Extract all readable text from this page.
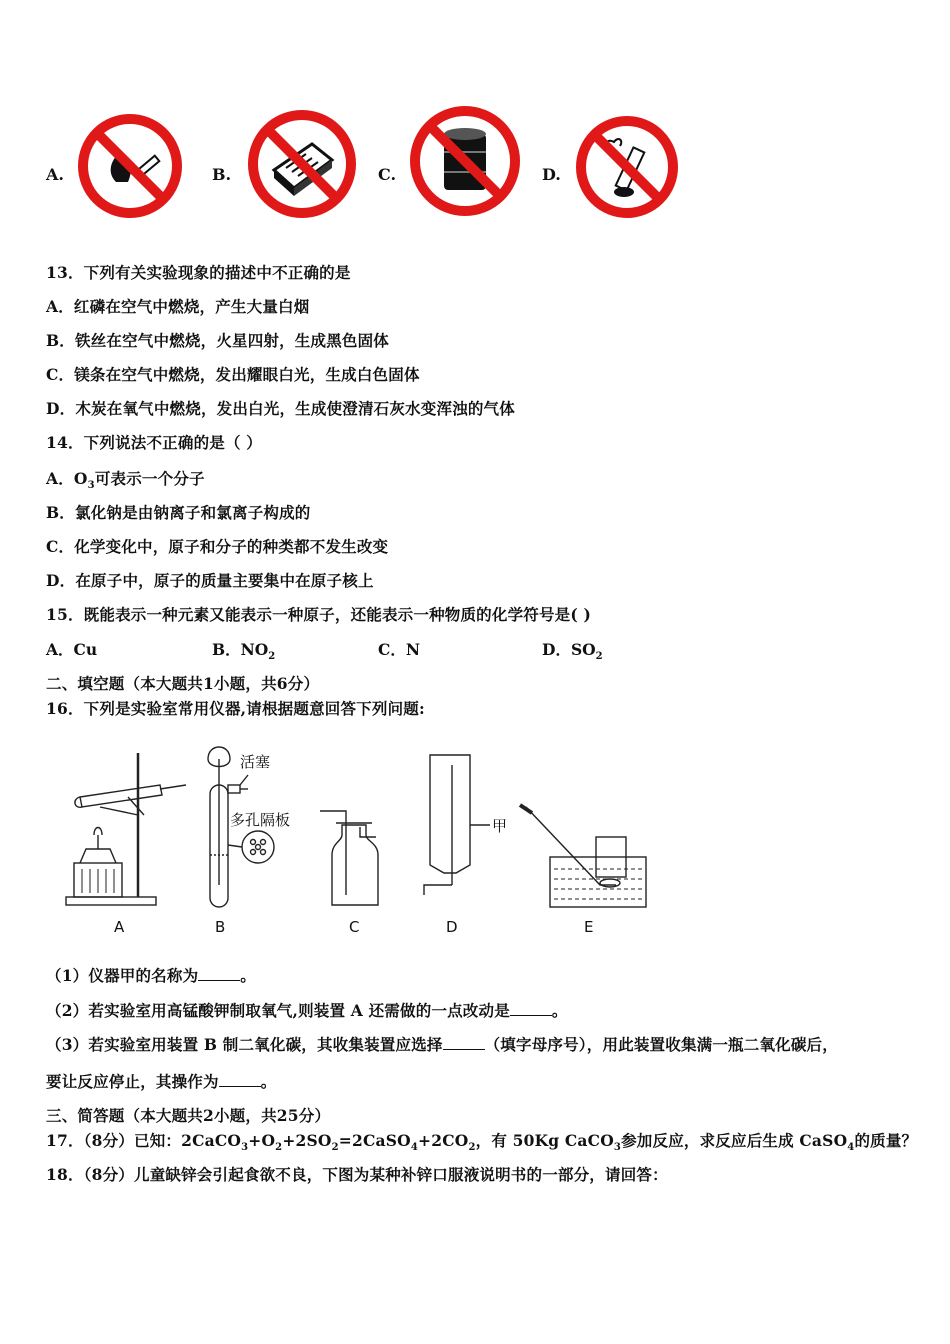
A.	B.	C.	D.
13．下列有关实验现象的描述中不正确的是
A．红磷在空气中燃烧，产生大量白烟
B．铁丝在空气中燃烧，火星四射，生成黑色固体
C．镁条在空气中燃烧，发出耀眼白光，生成白色固体
D．木炭在氧气中燃烧，发出白光，生成使澄清石灰水变浑浊的气体
14．下列说法不正确的是（ ）
A．$O_3$可表示一个分子
B．氯化钠是由钠离子和氯离子构成的
C．化学变化中，原子和分子的种类都不发生改变
D．在原子中，原子的质量主要集中在原子核上
15．既能表示一种元素又能表示一种原子，还能表示一种物质的化学符号是( )
A．Cu	B．$NO_2$	C．N	D．$SO_2$
二、填空题（本大题共1小题，共6分）
16．下列是实验室常用仪器,请根据题意回答下列问题:
活塞
多孔隔板	甲
A	B	C	D	E
（1）仪器甲的名称为	。
（2）若实验室用高锰酸钾制取氧气,则装置 A 还需做的一点改动是	。
（3）若实验室用装置 B 制二氧化碳，其收集装置应选择	（填字母序号），用此装置收集满一瓶二氧化碳后，
要让反应停止，其操作为	。
三、简答题（本大题共2小题，共25分）
17．（8分）已知：$2CaCO_3+O_2+2SO_2=2CaSO_4+2CO_2$，有 50Kg CaCO$_3$参加反应，求反应后生成 CaSO$_4$的质量？
18．（8分）儿童缺锌会引起食欲不良，下图为某种补锌口服液说明书的一部分，请回答：
